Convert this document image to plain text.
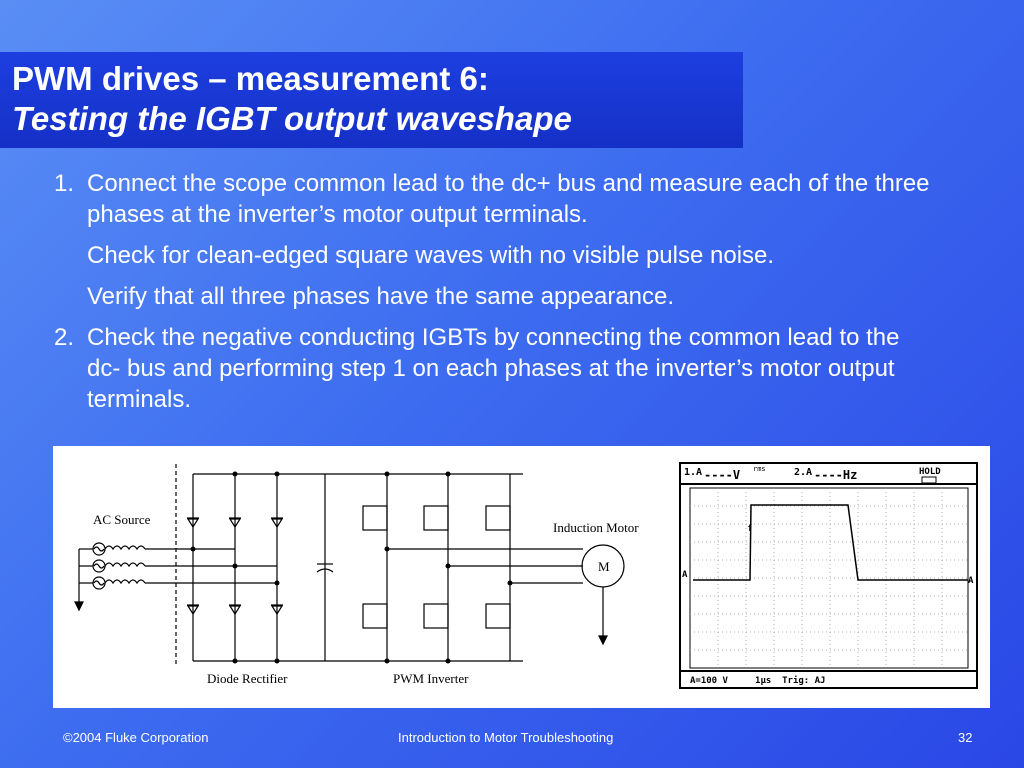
PWM drives – measurement 6:
Testing the IGBT output waveshape
1. Connect the scope common lead to the dc+ bus and measure each of the three phases at the inverter’s motor output terminals.
Check for clean-edged square waves with no visible pulse noise.
Verify that all three phases have the same appearance.
2. Check the negative conducting IGBTs by connecting the common lead to the dc- bus and performing step 1 on each phases at the inverter’s motor output terminals.
AC Source
Induction Motor
M
Diode Rectifier	PWM Inverter
1.A ----V rms	2.A ----Hz	HOLD
A
A
ſ
A=100 V     1µs  Trig: AJ
©2004 Fluke Corporation	Introduction to Motor Troubleshooting	32
